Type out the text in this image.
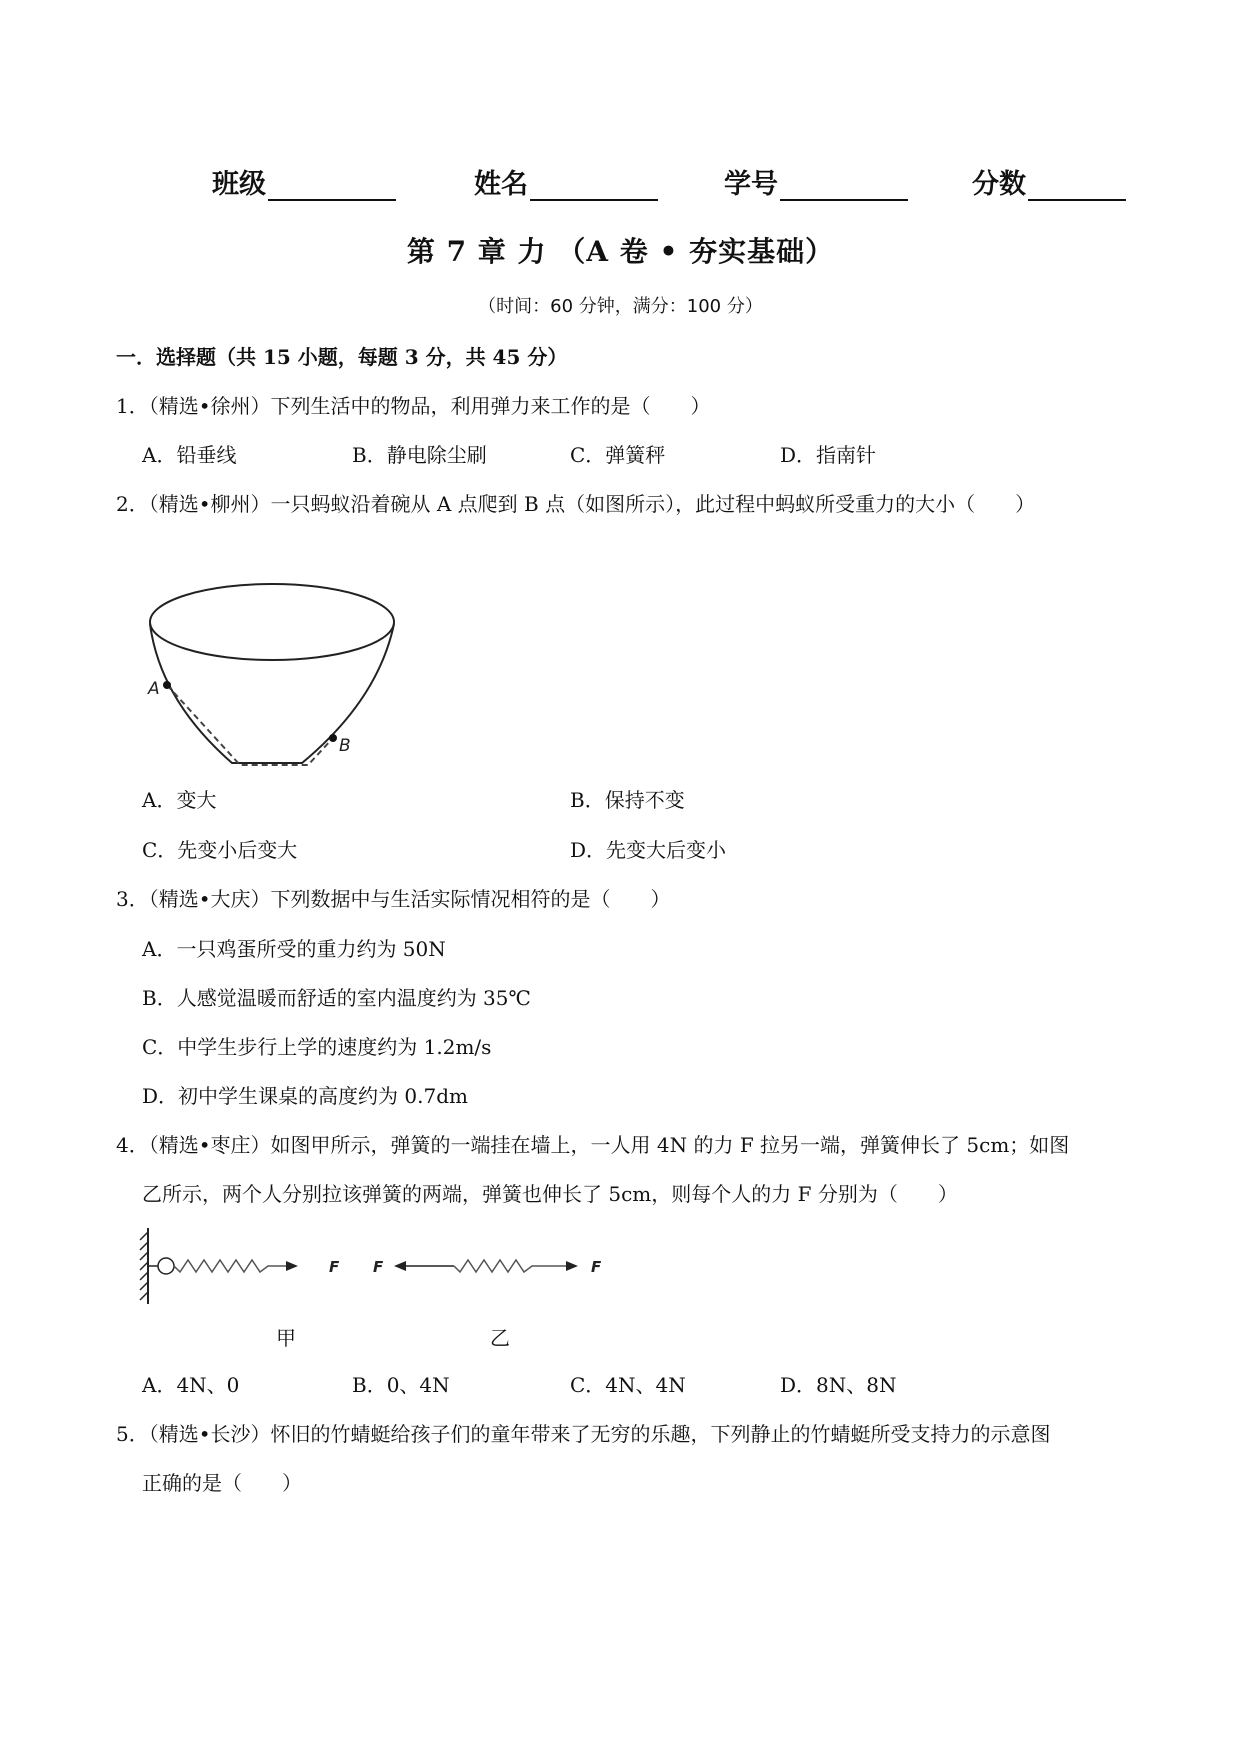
班级	姓名	学号	分数
第 7 章 力 （A 卷 • 夯实基础）
（时间：60 分钟，满分：100 分）
一．选择题（共 15 小题，每题 3 分，共 45 分）
1．（精选•徐州）下列生活中的物品，利用弹力来工作的是（　　）
A．铅垂线	B．静电除尘刷	C．弹簧秤	D．指南针
2．（精选•柳州）一只蚂蚁沿着碗从 A 点爬到 B 点（如图所示），此过程中蚂蚁所受重力的大小（　　）
A
B
A．变大	B．保持不变
C．先变小后变大	D．先变大后变小
3．（精选•大庆）下列数据中与生活实际情况相符的是（　　）
A．一只鸡蛋所受的重力约为 50N
B．人感觉温暖而舒适的室内温度约为 35℃
C．中学生步行上学的速度约为 1.2m/s
D．初中学生课桌的高度约为 0.7dm
4．（精选•枣庄）如图甲所示，弹簧的一端挂在墙上，一人用 4N 的力 F 拉另一端，弹簧伸长了 5cm；如图
乙所示，两个人分别拉该弹簧的两端，弹簧也伸长了 5cm，则每个人的力 F 分别为（　　）
F F	F
甲	乙
A．4N、0	B．0、4N	C．4N、4N	D．8N、8N
5．（精选•长沙）怀旧的竹蜻蜓给孩子们的童年带来了无穷的乐趣，下列静止的竹蜻蜓所受支持力的示意图
正确的是（　　）
